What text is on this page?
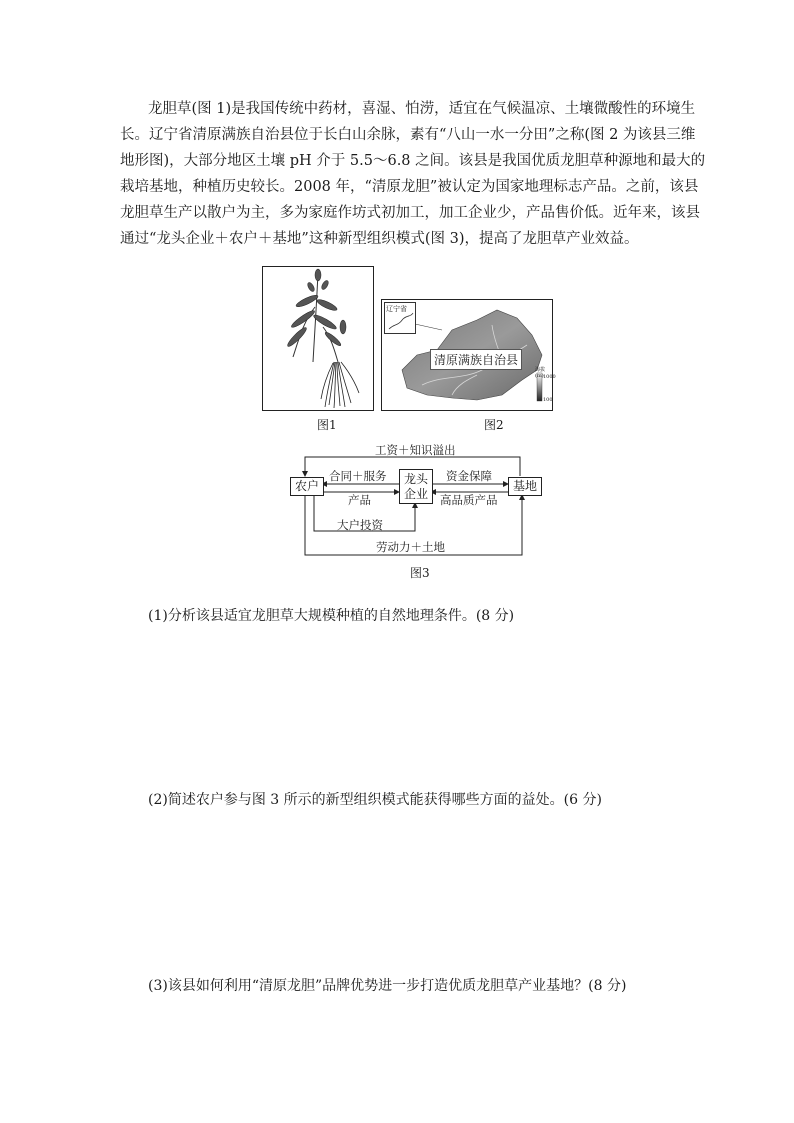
龙胆草(图 1)是我国传统中药材，喜湿、怕涝，适宜在气候温凉、土壤微酸性的环境生
长。辽宁省清原满族自治县位于长白山余脉，素有“八山一水一分田”之称(图 2 为该县三维
地形图)，大部分地区土壤 pH 介于 5.5～6.8 之间。该县是我国优质龙胆草种源地和最大的
栽培基地，种植历史较长。2008 年，“清原龙胆”被认定为国家地理标志产品。之前，该县
龙胆草生产以散户为主，多为家庭作坊式初加工，加工企业少，产品售价低。近年来，该县
通过“龙头企业＋农户＋基地”这种新型组织模式(图 3)，提高了龙胆草产业效益。
图1
辽宁省
清原满族自治县
海拔(m) 1000
100
图2
农户
龙头企业
基地
工资＋知识溢出
合同＋服务
产品
资金保障
高品质产品
大户投资
劳动力＋土地
图3
(1)分析该县适宜龙胆草大规模种植的自然地理条件。(8 分)
(2)简述农户参与图 3 所示的新型组织模式能获得哪些方面的益处。(6 分)
(3)该县如何利用“清原龙胆”品牌优势进一步打造优质龙胆草产业基地？(8 分)
